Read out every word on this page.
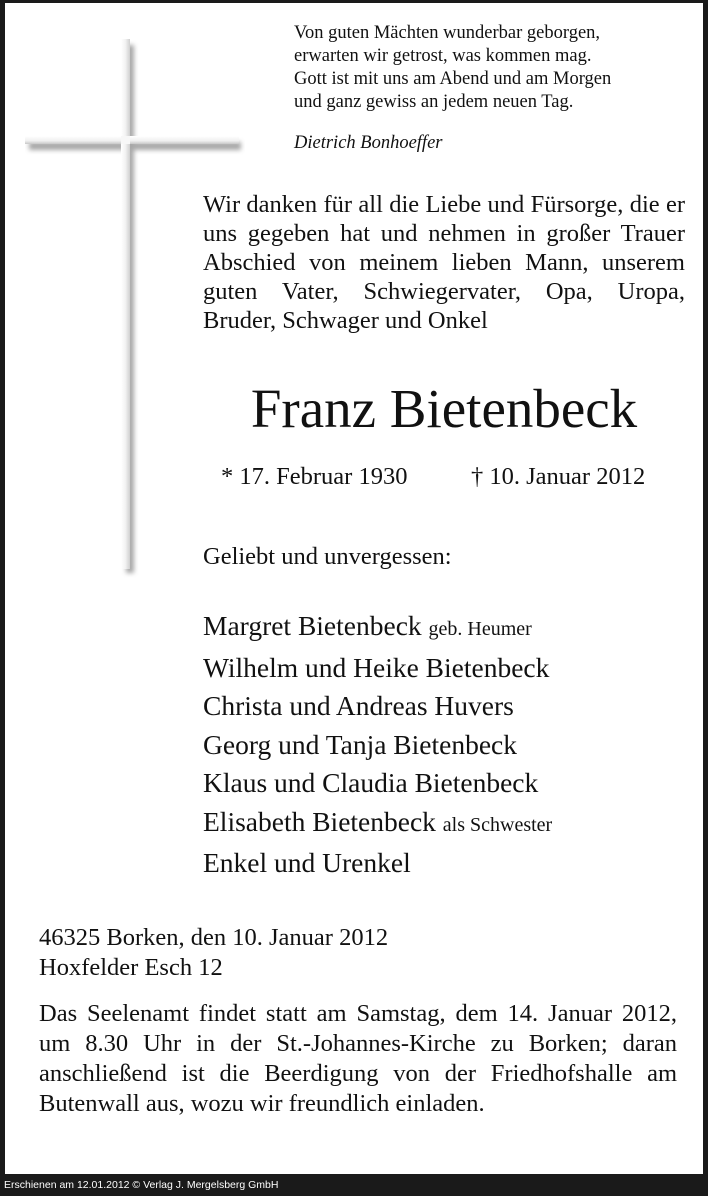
Von guten Mächten wunderbar geborgen,
erwarten wir getrost, was kommen mag.
Gott ist mit uns am Abend und am Morgen
und ganz gewiss an jedem neuen Tag.
Dietrich Bonhoeffer
Wir danken für all die Liebe und Fürsorge, die er uns gegeben hat und nehmen in großer Trauer Abschied von meinem lieben Mann, unserem guten Vater, Schwiegervater, Opa, Uropa, Bruder, Schwager und Onkel
Franz Bietenbeck
* 17. Februar 1930	† 10. Januar 2012
Geliebt und unvergessen:
Margret Bietenbeck geb. Heumer
Wilhelm und Heike Bietenbeck
Christa und Andreas Huvers
Georg und Tanja Bietenbeck
Klaus und Claudia Bietenbeck
Elisabeth Bietenbeck als Schwester
Enkel und Urenkel
46325 Borken, den 10. Januar 2012
Hoxfelder Esch 12
Das Seelenamt findet statt am Samstag, dem 14. Januar 2012, um 8.30 Uhr in der St.-Johannes-Kirche zu Borken; daran anschließend ist die Beerdigung von der Friedhofshalle am Butenwall aus, wozu wir freundlich einladen.
Erschienen am 12.01.2012 © Verlag J. Mergelsberg GmbH
